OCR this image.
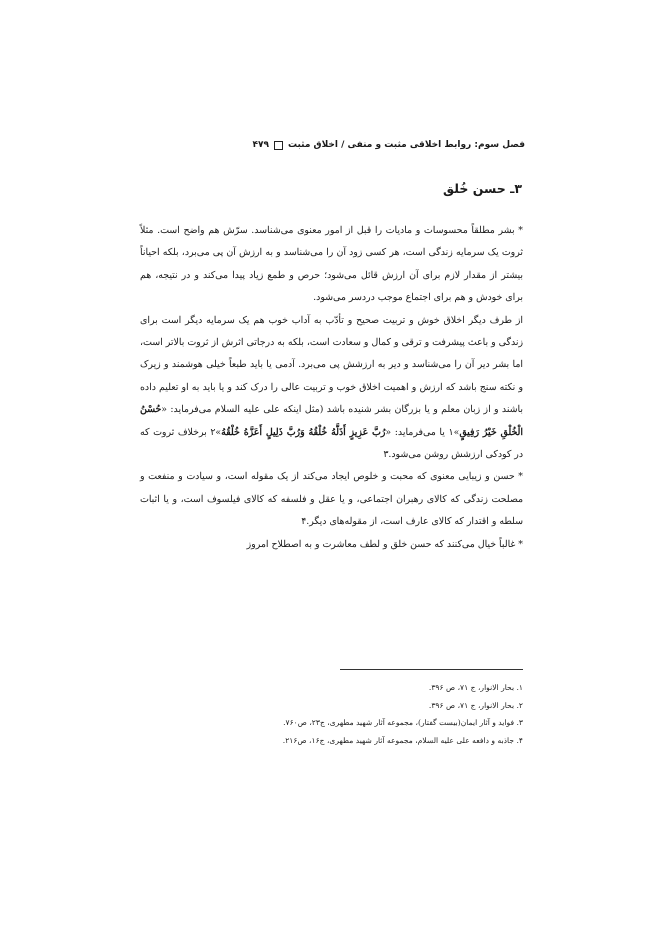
فصل سوم: روابط اخلاقی مثبت و منفی / اخلاق مثبت
۴۷۹
۳ـ حسن خُلق

* بشر مطلقاً محسوسات و ماديات را قبل از امور معنوی می‌شناسد. سرّش هم واضح است. مثلاً ثروت یک سرمایه زندگی است، هر کسی زود آن را می‌شناسد و به ارزش آن پی می‌برد، بلکه احیاناً بیشتر از مقدار لازم برای آن ارزش قائل می‌شود؛ حرص و طمع زیاد پیدا می‌کند و در نتیجه، هم برای خودش و هم برای اجتماع موجب دردسر می‌شود.

از طرف دیگر اخلاق خوش و تربیت صحیح و تأدّب به آداب خوب هم یک سرمایه دیگر است برای زندگی و باعث پیشرفت و ترقی و کمال و سعادت است، بلکه به درجاتی اثرش از ثروت بالاتر است، اما بشر دیر آن را می‌شناسد و دیر به ارزشش پی می‌برد. آدمی یا باید طبعاً خیلی هوشمند و زیرک و نکته سنج باشد که ارزش و اهمیت اخلاق خوب و تربیت عالی را درک کند و یا باید به او تعلیم داده باشند و از زبان معلم و یا بزرگان بشر شنیده باشد (مثل اینکه علی علیه السلام می‌فرماید: «حُسْنُ الْخُلْقِ خَيْرُ رَفِيقٍ»۱ یا می‌فرماید: «رُبَّ عَزِيزٍ أَذَلَّهُ خُلْقُهُ وَرُبَّ ذَلِيلٍ أَعَزَّهُ خُلْقُهُ»۲ برخلاف ثروت که در کودکی ارزشش روشن می‌شود.۳

* حسن و زیبایی معنوی که محبت و خلوص ایجاد می‌کند از یک مقوله است، و سیادت و منفعت و مصلحت زندگی که کالای رهبران اجتماعی، و یا عقل و فلسفه که کالای فیلسوف است، و یا اثبات سلطه و اقتدار که کالای عارف است، از مقوله‌های دیگر.۴

* غالباً خیال می‌کنند که حسن خلق و لطف معاشرت و به اصطلاح امروز

۱. بحار الانوار، ج ۷۱، ص ۳۹۶.
۲. بحار الانوار، ج ۷۱، ص ۳۹۶.
۳. فواید و آثار ایمان(بیست گفتار)، مجموعه آثار شهید مطهری، ج۲۳، ص۷۶۰.
۴. جاذبه و دافعه علی علیه السلام، مجموعه آثار شهید مطهری، ج۱۶، ص۲۱۶.
